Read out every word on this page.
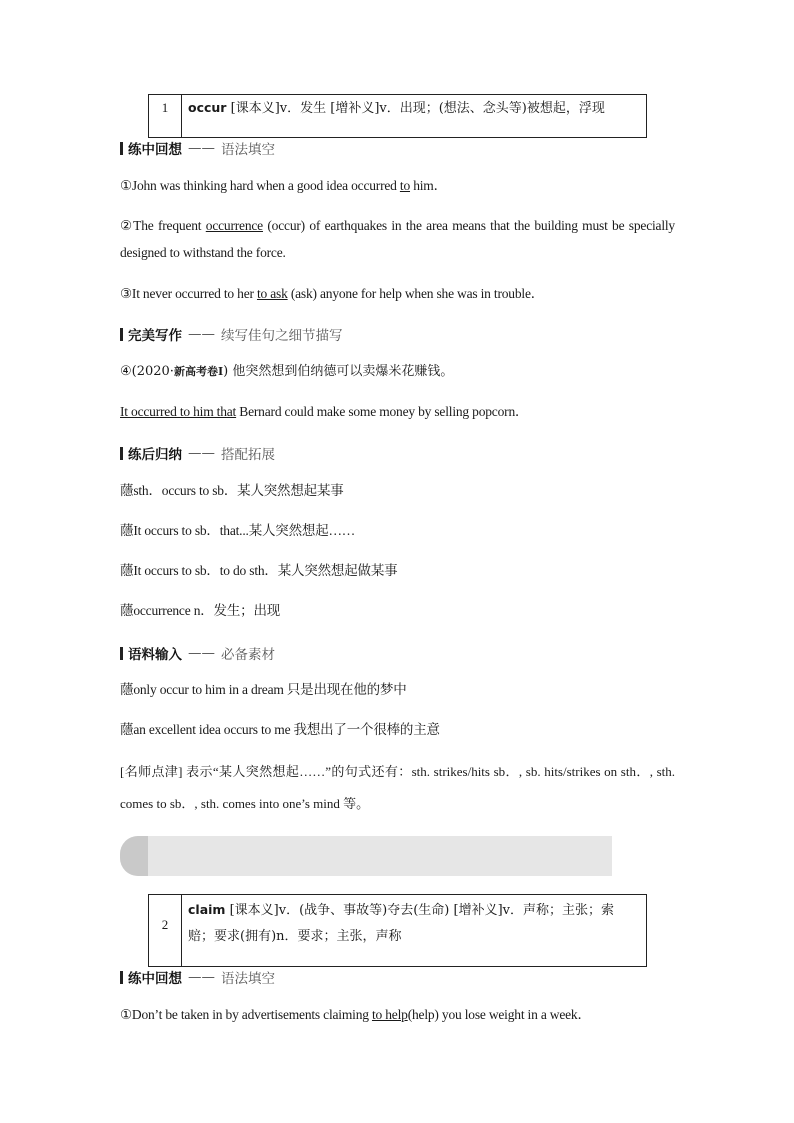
1	occur [课本义]v．发生 [增补义]v．出现；(想法、念头等)被想起，浮现
练中回想 —— 语法填空
①John was thinking hard when a good idea occurred to him．
②The frequent occurrence (occur) of earthquakes in the area means that the building must be specially designed to withstand the force.
③It never occurred to her to ask (ask) anyone for help when she was in trouble．
完美写作 —— 续写佳句之细节描写
④(2020·新高考卷Ⅰ) 他突然想到伯纳德可以卖爆米花赚钱。
It occurred to him that Bernard could make some money by selling popcorn．
练后归纳 —— 搭配拓展
蘟sth．occurs to sb．某人突然想起某事
蘟It occurs to sb．that...某人突然想起……
蘟It occurs to sb．to do sth．某人突然想起做某事
蘟occurrence n．发生；出现
语料输入 —— 必备素材
蘟only occur to him in a dream 只是出现在他的梦中
蘟an excellent idea occurs to me 我想出了一个很棒的主意
[名师点津] 表示“某人突然想起……”的句式还有：sth. strikes/hits sb．, sb. hits/strikes on sth．, sth. comes to sb．, sth. comes into one’s mind 等。
2
claim [课本义]v．(战争、事故等)夺去(生命) [增补义]v．声称；主张；索赔；要求(拥有)n．要求；主张，声称
练中回想 —— 语法填空
①Don’t be taken in by advertisements claiming to help(help) you lose weight in a week．
